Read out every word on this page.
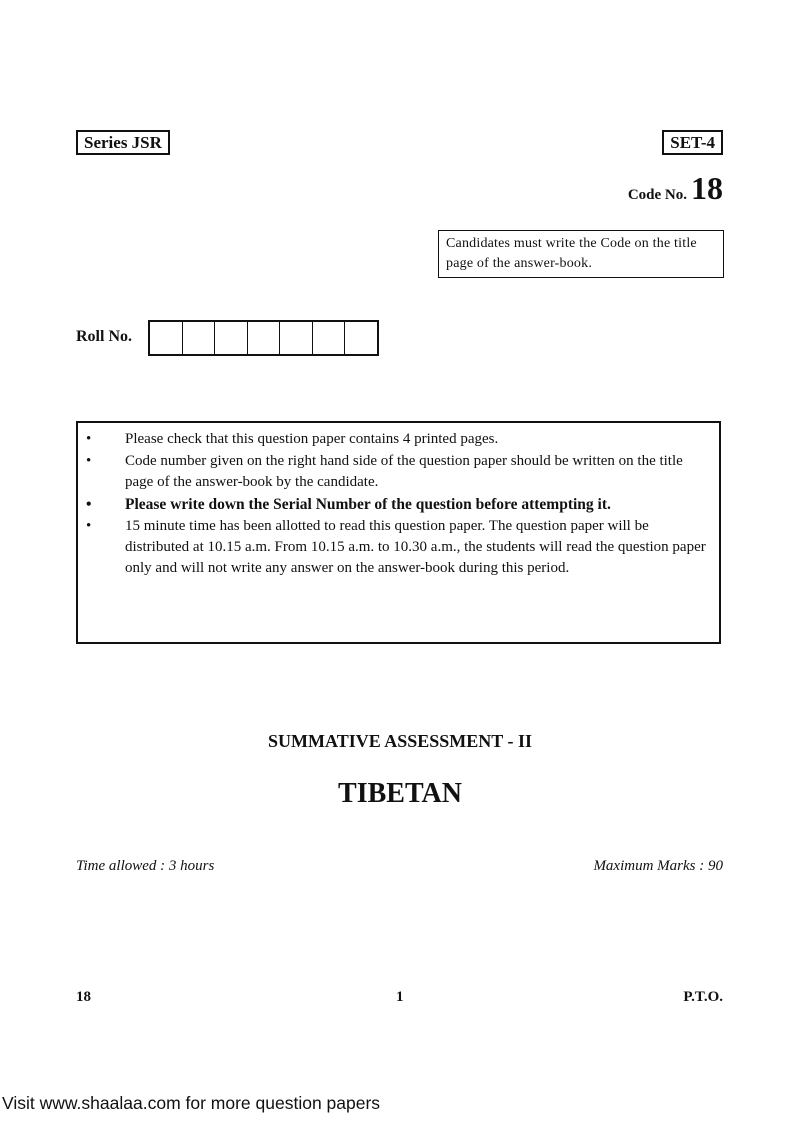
Series JSR	SET-4
Code No. 18
Candidates must write the Code on the title page of the answer-book.
Roll No.
•	Please check that this question paper contains 4 printed pages.
•	Code number given on the right hand side of the question paper should be written on the title page of the answer-book by the candidate.
•	Please write down the Serial Number of the question before attempting it.
•	15 minute time has been allotted to read this question paper. The question paper will be distributed at 10.15 a.m. From 10.15 a.m. to 10.30 a.m., the students will read the question paper only and will not write any answer on the answer-book during this period.
SUMMATIVE ASSESSMENT - II
TIBETAN
Time allowed : 3 hours	Maximum Marks : 90
18	1	P.T.O.
Visit www.shaalaa.com for more question papers
